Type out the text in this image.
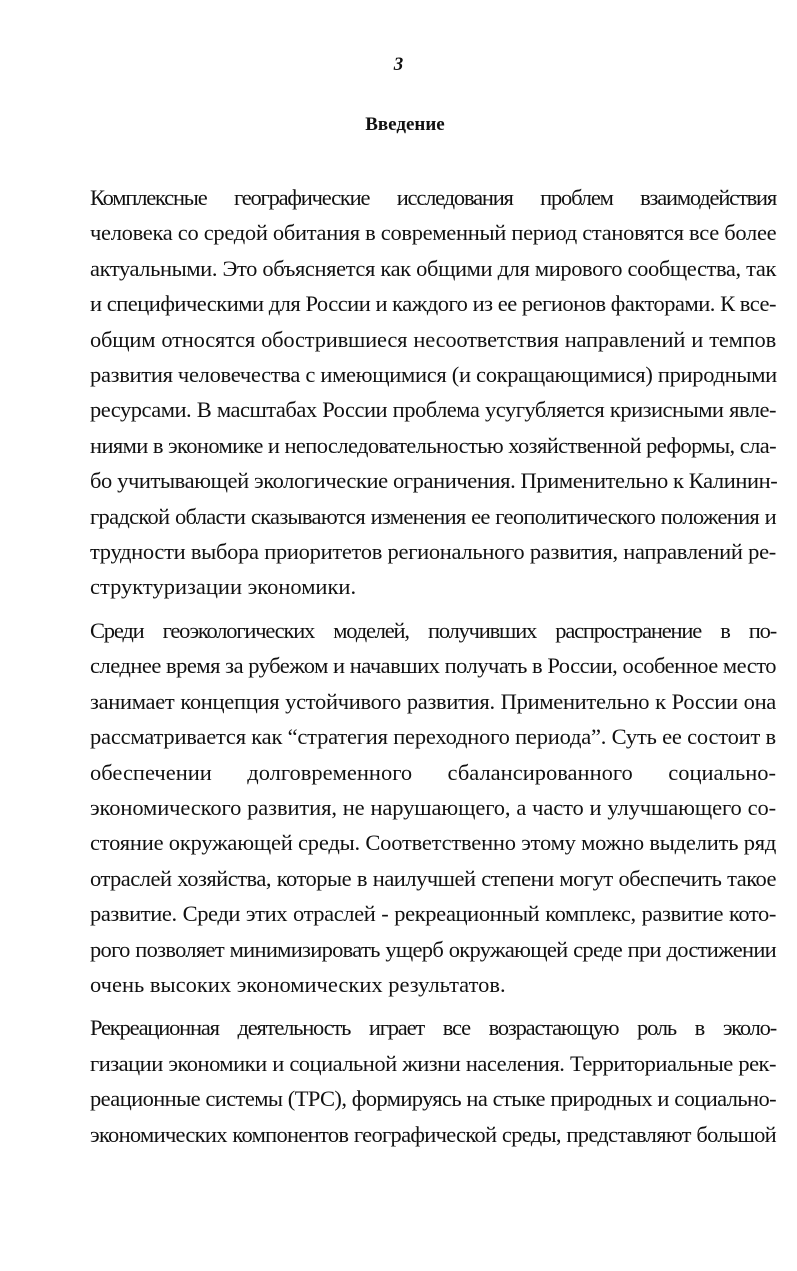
3
Введение

Комплексные географические исследования проблем взаимодействия
человека со средой обитания в современный период становятся все более
актуальными. Это объясняется как общими для мирового сообщества, так
и специфическими для России и каждого из ее регионов факторами. К все-
общим относятся обострившиеся несоответствия направлений и темпов
развития человечества с имеющимися (и сокращающимися) природными
ресурсами. В масштабах России проблема усугубляется кризисными явле-
ниями в экономике и непоследовательностью хозяйственной реформы, сла-
бо учитывающей экологические ограничения. Применительно к Калинин-
градской области сказываются изменения ее геополитического положения и
трудности выбора приоритетов регионального развития, направлений ре-
структуризации экономики.

Среди геоэкологических моделей, получивших распространение в по-
следнее время за рубежом и начавших получать в России, особенное место
занимает концепция устойчивого развития. Применительно к России она
рассматривается как “стратегия переходного периода”. Суть ее состоит в
обеспечении долговременного сбалансированного социально-
экономического развития, не нарушающего, а часто и улучшающего со-
стояние окружающей среды. Соответственно этому можно выделить ряд
отраслей хозяйства, которые в наилучшей степени могут обеспечить такое
развитие. Среди этих отраслей - рекреационный комплекс, развитие кото-
рого позволяет минимизировать ущерб окружающей среде при достижении
очень высоких экономических результатов.

Рекреационная деятельность играет все возрастающую роль в эколо-
гизации экономики и социальной жизни населения. Территориальные рек-
реационные системы (ТРС), формируясь на стыке природных и социально-
экономических компонентов географической среды, представляют большой
